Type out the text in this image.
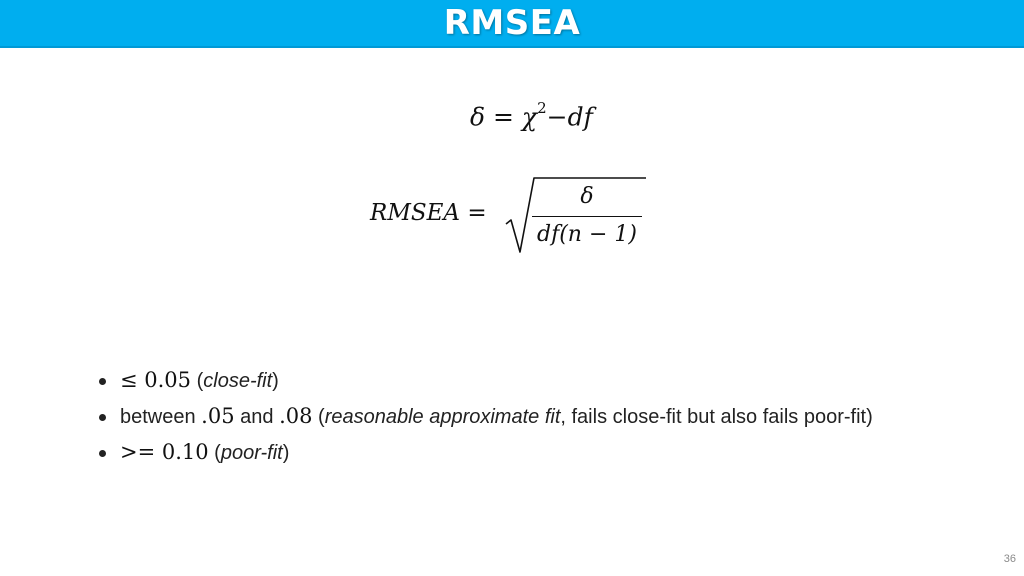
RMSEA
$\delta = \chi^2-df$
RMSEA =
δ
df(n − 1)
≤ 0.05 (close-fit)
between .05 and .08 (reasonable approximate fit, fails close-fit but also fails poor-fit)
>= 0.10 (poor-fit)
36
